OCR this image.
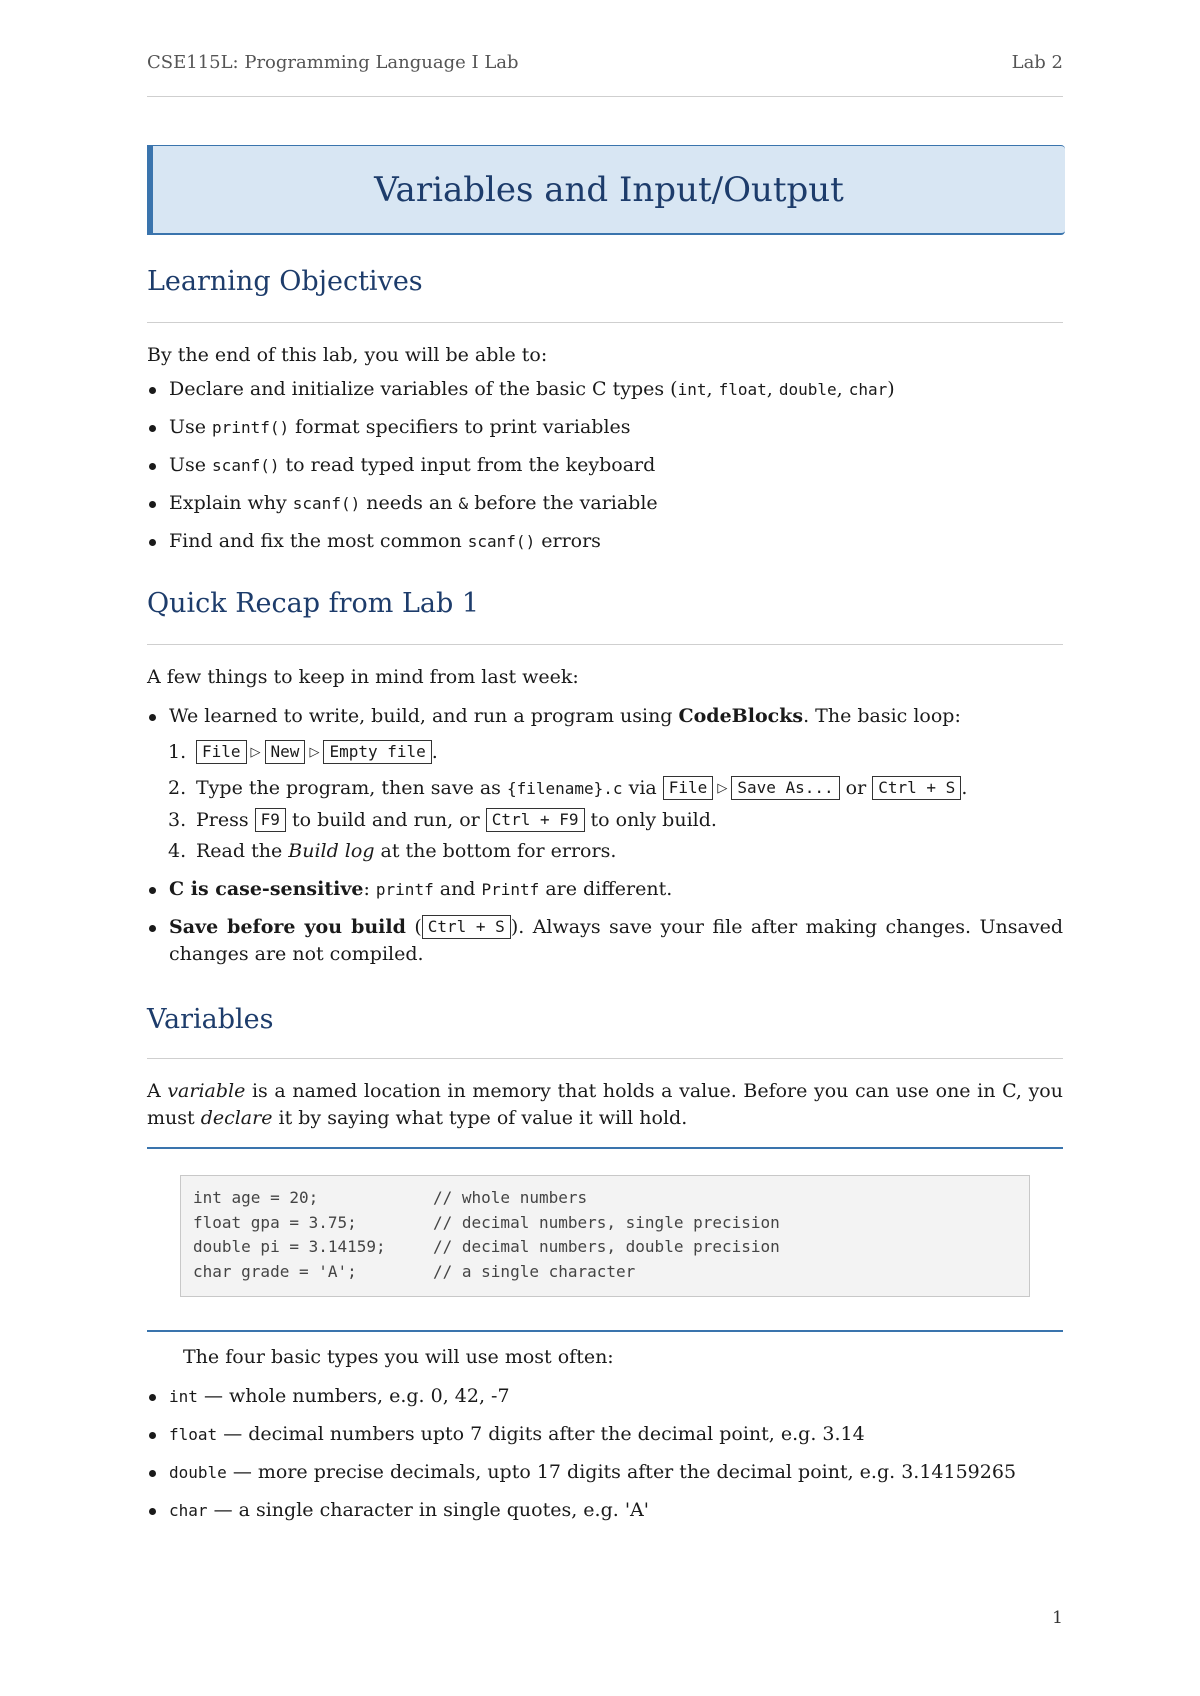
CSE115L: Programming Language I Lab	Lab 2
Variables and Input/Output
Learning Objectives

By the end of this lab, you will be able to:

Declare and initialize variables of the basic C types (int, float, double, char)
Use printf() format specifiers to print variables
Use scanf() to read typed input from the keyboard
Explain why scanf() needs an & before the variable
Find and fix the most common scanf() errors
Quick Recap from Lab 1

A few things to keep in mind from last week:

We learned to write, build, and run a program using CodeBlocks. The basic loop:
1. File ▷ New ▷ Empty file .
2. Type the program, then save as {filename}.c via File ▷ Save As... or Ctrl + S .
3. Press F9 to build and run, or Ctrl + F9 to only build.
4. Read the Build log at the bottom for errors.
C is case-sensitive: printf and Printf are different.
Save before you build ( Ctrl + S ). Always save your file after making changes. Unsaved changes are not compiled.
Variables

A variable is a named location in memory that holds a value. Before you can use one in C, you must declare it by saying what type of value it will hold.

int age = 20;	// whole numbers
float gpa = 3.75;	// decimal numbers, single precision
double pi = 3.14159;	// decimal numbers, double precision
char grade = 'A';	// a single character

The four basic types you will use most often:

int — whole numbers, e.g. 0, 42, -7
float — decimal numbers upto 7 digits after the decimal point, e.g. 3.14
double — more precise decimals, upto 17 digits after the decimal point, e.g. 3.14159265
char — a single character in single quotes, e.g. 'A'
1
